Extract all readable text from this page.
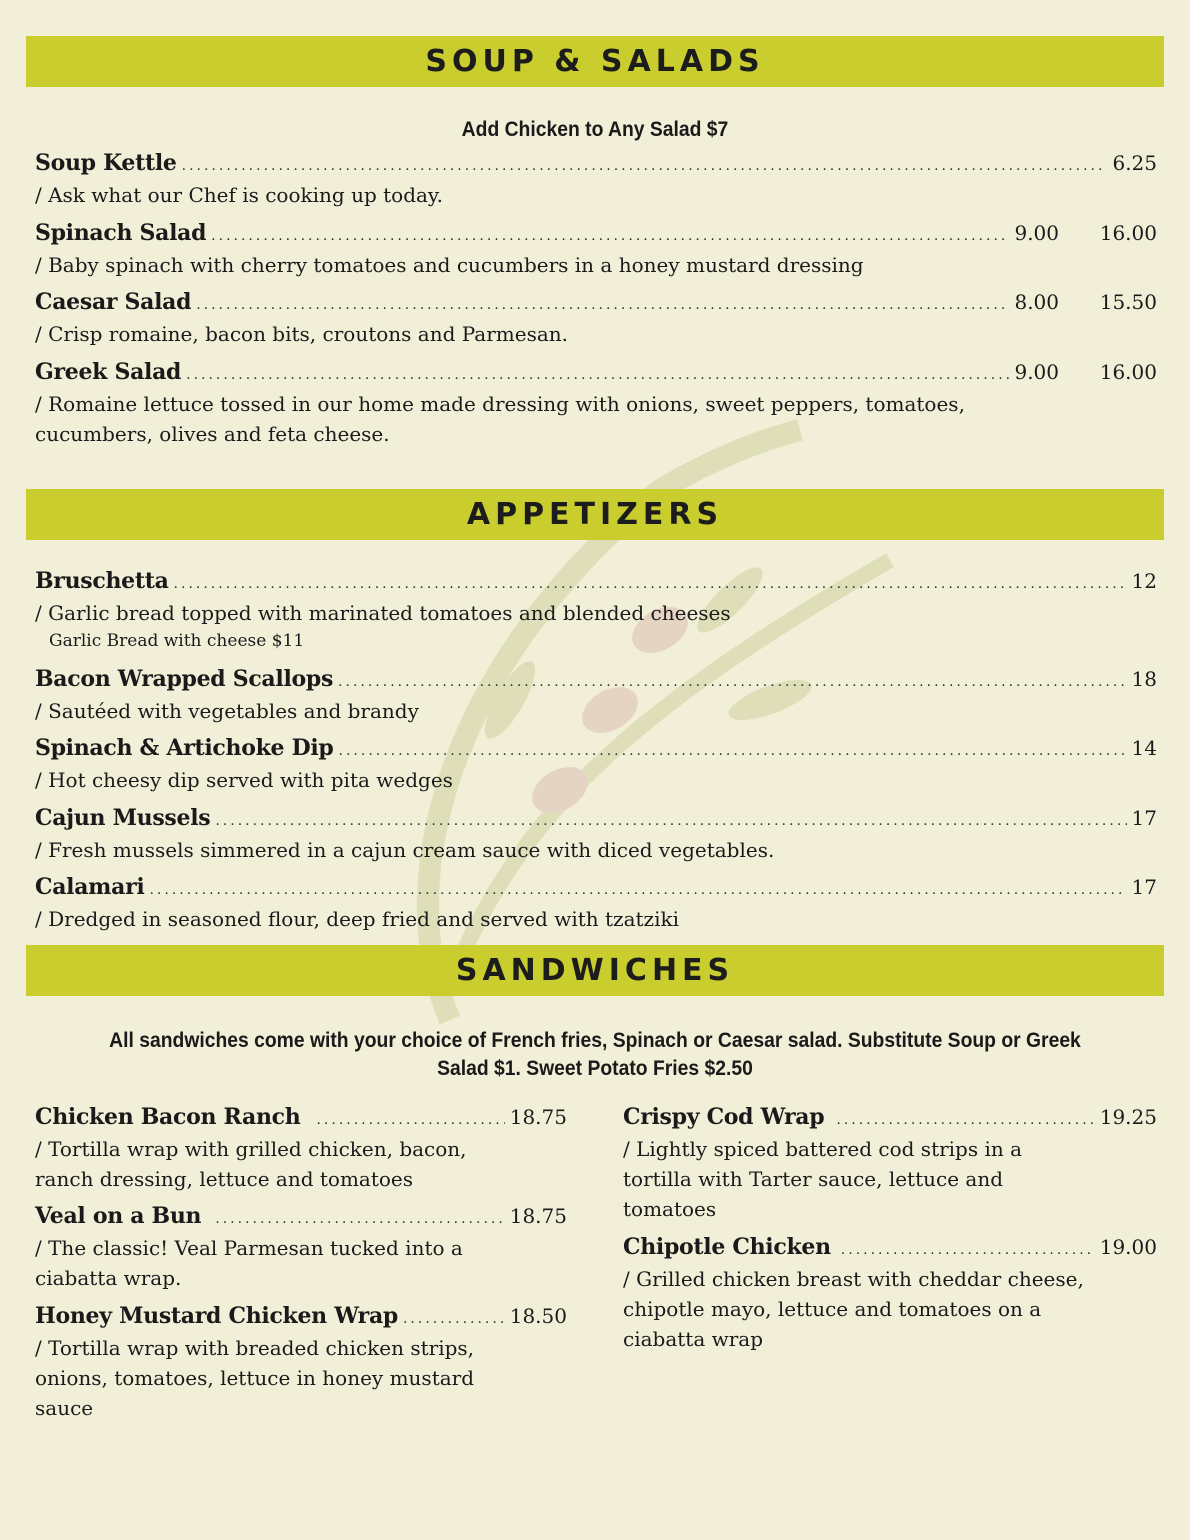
SOUP & SALADS
Add Chicken to Any Salad $7
Soup Kettle .....	6.25
/ Ask what our Chef is cooking up today.
Spinach Salad .....	9.00	16.00
/ Baby spinach with cherry tomatoes and cucumbers in a honey mustard dressing
Caesar Salad .....	8.00	15.50
/ Crisp romaine, bacon bits, croutons and Parmesan.
Greek Salad .....	9.00	16.00
/ Romaine lettuce tossed in our home made dressing with onions, sweet peppers, tomatoes, cucumbers, olives and feta cheese.
APPETIZERS
Bruschetta .....	12
/ Garlic bread topped with marinated tomatoes and blended cheeses
Garlic Bread with cheese $11
Bacon Wrapped Scallops .....	18
/ Sautéed with vegetables and brandy
Spinach & Artichoke Dip .....	14
/ Hot cheesy dip served with pita wedges
Cajun Mussels .....	17
/ Fresh mussels simmered in a cajun cream sauce with diced vegetables.
Calamari .....	17
/ Dredged in seasoned flour, deep fried and served with tzatziki
SANDWICHES
All sandwiches come with your choice of French fries, Spinach or Caesar salad. Substitute Soup or Greek Salad $1. Sweet Potato Fries $2.50
Chicken Bacon Ranch .....	18.75
/ Tortilla wrap with grilled chicken, bacon, ranch dressing, lettuce and tomatoes
Veal on a Bun .....	18.75
/ The classic! Veal Parmesan tucked into a ciabatta wrap.
Honey Mustard Chicken Wrap .....	18.50
/ Tortilla wrap with breaded chicken strips, onions, tomatoes, lettuce in honey mustard sauce
Crispy Cod Wrap .....	19.25
/ Lightly spiced battered cod strips in a tortilla with Tarter sauce, lettuce and tomatoes
Chipotle Chicken .....	19.00
/ Grilled chicken breast with cheddar cheese, chipotle mayo, lettuce and tomatoes on a ciabatta wrap
